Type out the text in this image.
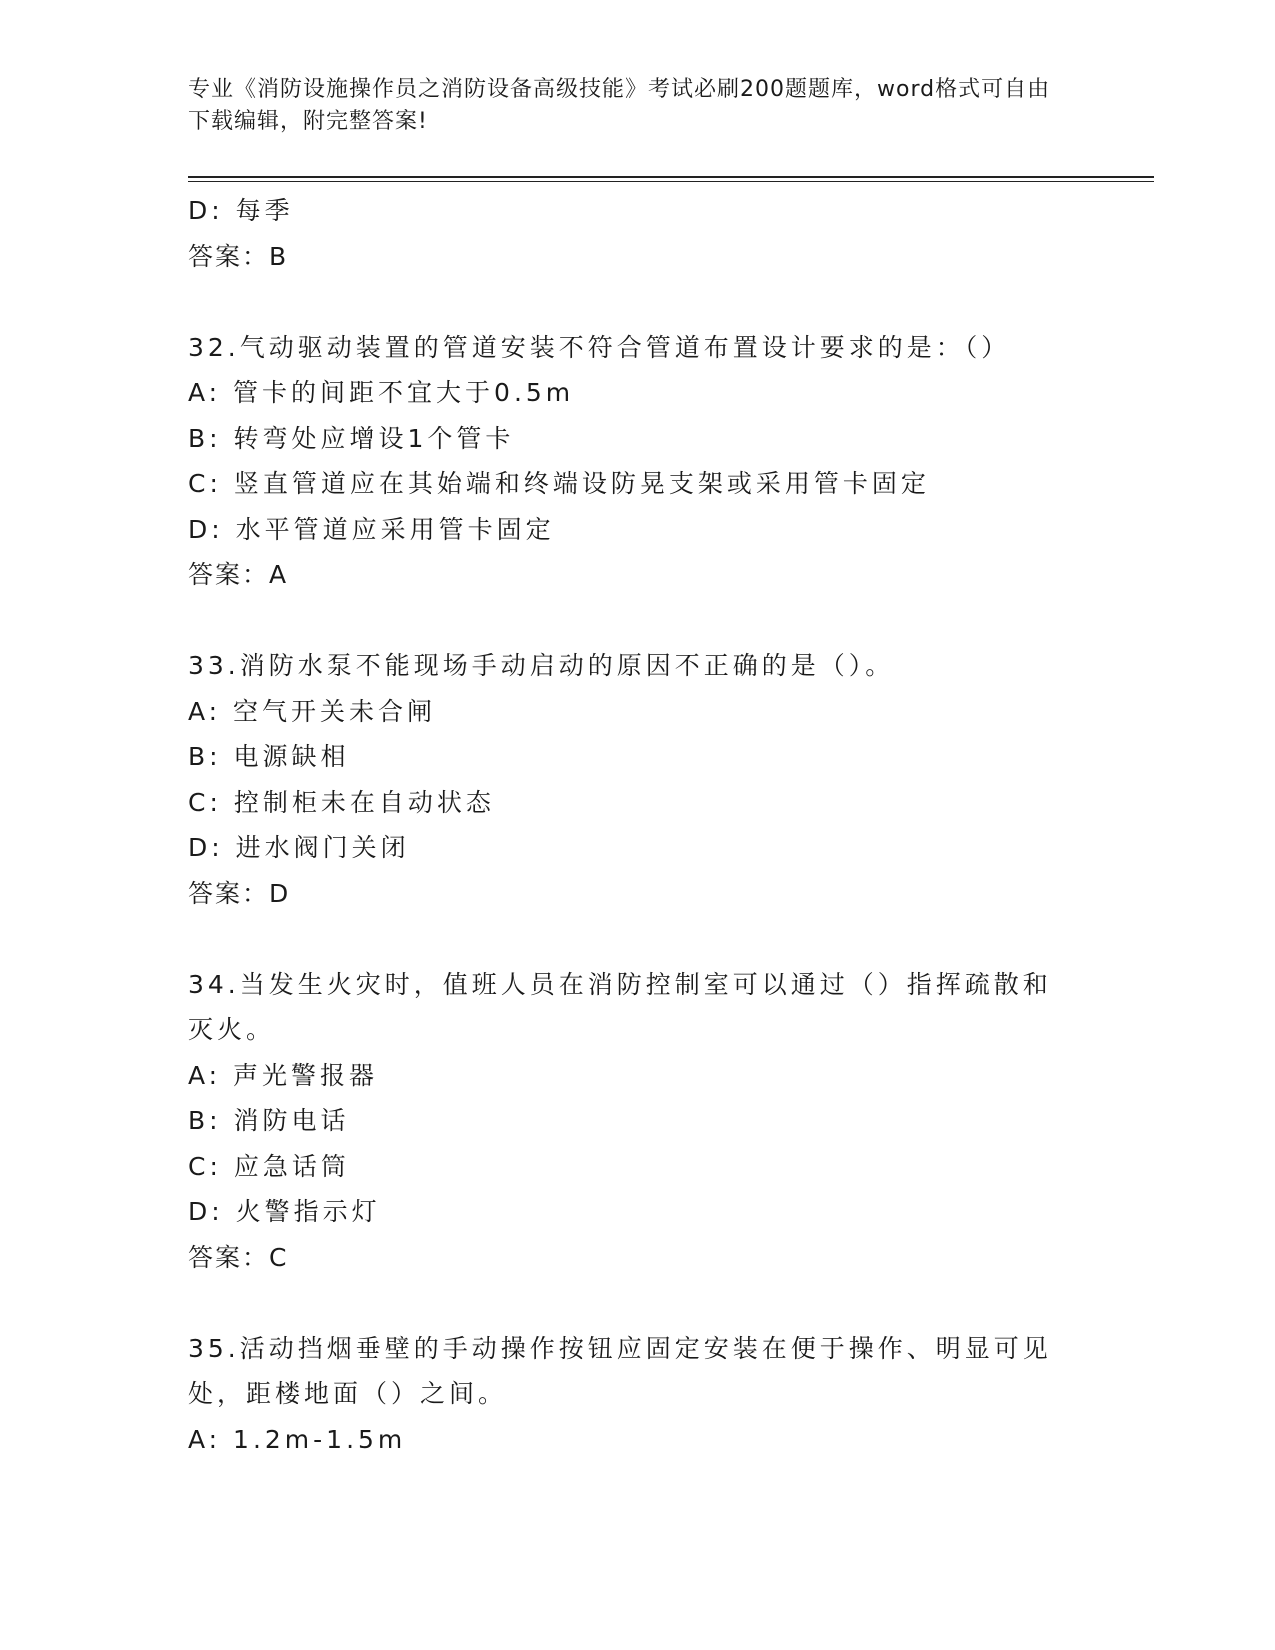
专业《消防设施操作员之消防设备高级技能》考试必刷200题题库，word格式可自由下载编辑，附完整答案!
D: 每季
答案：B
32.气动驱动装置的管道安装不符合管道布置设计要求的是：（）
A: 管卡的间距不宜大于0.5m
B: 转弯处应增设1个管卡
C: 竖直管道应在其始端和终端设防晃支架或采用管卡固定
D: 水平管道应采用管卡固定
答案：A
33.消防水泵不能现场手动启动的原因不正确的是（）。
A: 空气开关未合闸
B: 电源缺相
C: 控制柜未在自动状态
D: 进水阀门关闭
答案：D
34.当发生火灾时，值班人员在消防控制室可以通过（）指挥疏散和灭火。
A: 声光警报器
B: 消防电话
C: 应急话筒
D: 火警指示灯
答案：C
35.活动挡烟垂壁的手动操作按钮应固定安装在便于操作、明显可见处，距楼地面（）之间。
A: 1.2m-1.5m
